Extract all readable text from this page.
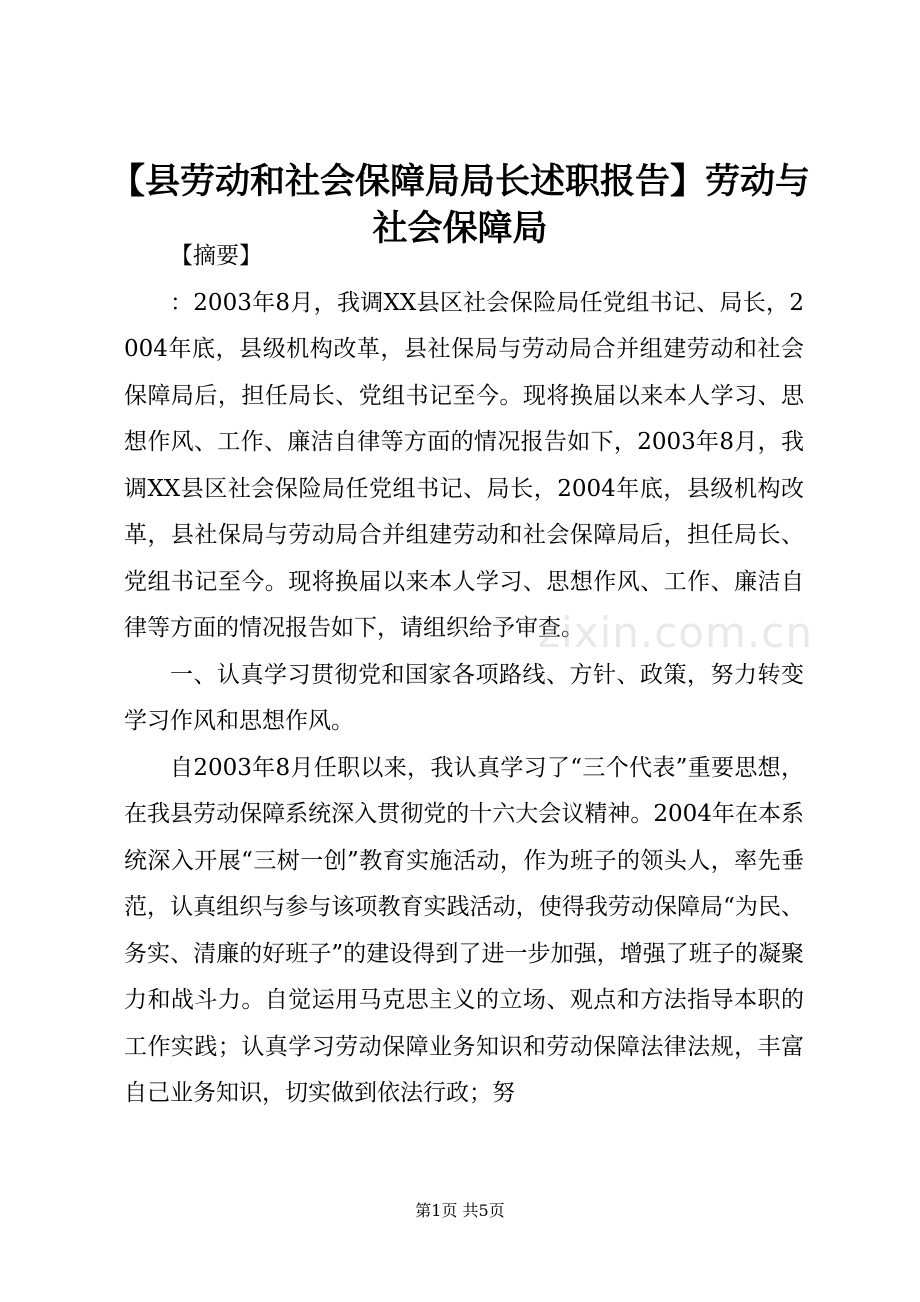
【县劳动和社会保障局局长述职报告】劳动与社会保障局

【摘要】

：2003年8月，我调XX县区社会保险局任党组书记、局长，2004年底，县级机构改革，县社保局与劳动局合并组建劳动和社会保障局后，担任局长、党组书记至今。现将换届以来本人学习、思想作风、工作、廉洁自律等方面的情况报告如下，2003年8月，我调XX县区社会保险局任党组书记、局长，2004年底，县级机构改革，县社保局与劳动局合并组建劳动和社会保障局后，担任局长、党组书记至今。现将换届以来本人学习、思想作风、工作、廉洁自律等方面的情况报告如下，请组织给予审查。

一、认真学习贯彻党和国家各项路线、方针、政策，努力转变学习作风和思想作风。

自2003年8月任职以来，我认真学习了“三个代表”重要思想，在我县劳动保障系统深入贯彻党的十六大会议精神。2004年在本系统深入开展“三树一创”教育实施活动，作为班子的领头人，率先垂范，认真组织与参与该项教育实践活动，使得我劳动保障局“为民、务实、清廉的好班子”的建设得到了进一步加强，增强了班子的凝聚力和战斗力。自觉运用马克思主义的立场、观点和方法指导本职的工作实践；认真学习劳动保障业务知识和劳动保障法律法规，丰富自己业务知识，切实做到依法行政；努

zixin.com.cn
第1页 共5页
